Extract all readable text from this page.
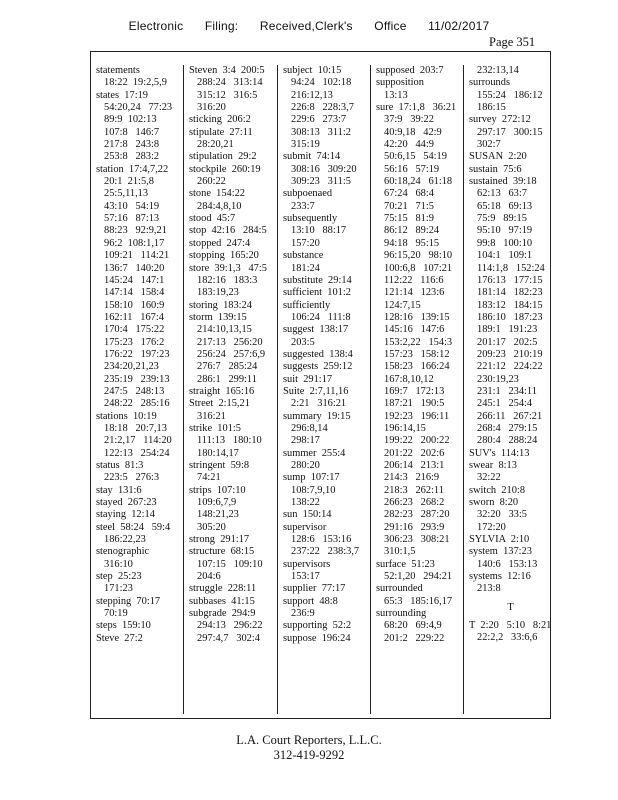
Electronic Filing: Received,Clerk's Office 11/02/2017
Page 351
statements
18:22  19:2,5,9
states 17:19
54:20,24   77:23
89:9  102:13
107:8   146:7
217:8   243:8
253:8   283:2
station 17:4,7,22
20:1  21:5,8
25:5,11,13
43:10   54:19
57:16   87:13
88:23   92:9,21
96:2  108:1,17
109:21   114:21
136:7   140:20
145:24   147:1
147:14   158:4
158:10   160:9
162:11   167:4
170:4   175:22
175:23   176:2
176:22   197:23
234:20,21,23
235:19   239:13
247:5   248:13
248:22   285:16
stations 10:19
18:18   20:7,13
21:2,17   114:20
122:13   254:24
status 81:3
223:5   276:3
stay 131:6
stayed 267:23
staying 12:14
steel 58:24   59:4
186:22,23
stenographic
316:10
step 25:23
171:23
stepping 70:17
70:19
steps 159:10
Steve 27:2
Steven 3:4  200:5
288:24   313:14
315:12   316:5
316:20
sticking 206:2
stipulate 27:11
28:20,21
stipulation 29:2
stockpile 260:19
260:22
stone 154:22
284:4,8,10
stood 45:7
stop 42:16   284:5
stopped 247:4
stopping 165:20
store 39:1,3   47:5
182:16   183:3
183:19,23
storing 183:24
storm 139:15
214:10,13,15
217:13   256:20
256:24   257:6,9
276:7   285:24
286:1   299:11
straight 165:16
Street 2:15,21
316:21
strike 101:5
111:13   180:10
180:14,17
stringent 59:8
74:21
strips 107:10
109:6,7,9
148:21,23
305:20
strong 291:17
structure 68:15
107:15   109:10
204:6
struggle 228:11
subbases 41:15
subgrade 294:9
294:13   296:22
297:4,7   302:4
subject 10:15
94:24   102:18
216:12,13
226:8   228:3,7
229:6   273:7
308:13   311:2
315:19
submit 74:14
308:16   309:20
309:23   311:5
subpoenaed
233:7
subsequently
13:10   88:17
157:20
substance
181:24
substitute 29:14
sufficient 101:2
sufficiently
106:24   111:8
suggest 138:17
203:5
suggested 138:4
suggests 259:12
suit 291:17
Suite 2:7,11,16
2:21   316:21
summary 19:15
296:8,14
298:17
summer 255:4
280:20
sump 107:17
108:7,9,10
138:22
sun 150:14
supervisor
128:6   153:16
237:22   238:3,7
supervisors
153:17
supplier 77:17
support 48:8
236:9
supporting 52:2
suppose 196:24
supposed 203:7
supposition
13:13
sure 17:1,8   36:21
37:9   39:22
40:9,18   42:9
42:20   44:9
50:6,15   54:19
56:16   57:19
60:18,24   61:18
67:24   68:4
70:21   71:5
75:15   81:9
86:12   89:24
94:18   95:15
96:15,20   98:10
100:6,8   107:21
112:22   116:6
121:14   123:6
124:7,15
128:16   139:15
145:16   147:6
153:2,22   154:3
157:23   158:12
158:23   166:24
167:8,10,12
169:7   172:13
187:21   190:5
192:23   196:11
196:14,15
199:22   200:22
201:22   202:6
206:14   213:1
214:3   216:9
218:3   262:11
266:23   268:2
282:23   287:20
291:16   293:9
306:23   308:21
310:1,5
surface 51:23
52:1,20   294:21
surrounded
65:3   185:16,17
surrounding
68:20   69:4,9
201:2   229:22
232:13,14
surrounds
155:24   186:12
186:15
survey 272:12
297:17   300:15
302:7
SUSAN 2:20
sustain 75:6
sustained 39:18
62:13   63:7
65:18   69:13
75:9   89:15
95:10   97:19
99:8   100:10
104:1   109:1
114:1,8   152:24
176:13   177:15
181:14   182:23
183:12   184:15
186:10   187:23
189:1   191:23
201:17   202:5
209:23   210:19
221:12   224:22
230:19,23
231:1   234:11
245:1   254:4
266:11   267:21
268:4   279:15
280:4   288:24
SUV's 114:13
swear 8:13
32:22
switch 210:8
sworn 8:20
32:20   33:5
172:20
SYLVIA 2:10
system 137:23
140:6   153:13
systems 12:16
213:8
T
T 2:20   5:10   8:21
22:2,2   33:6,6
L.A. Court Reporters, L.L.C.
312-419-9292
